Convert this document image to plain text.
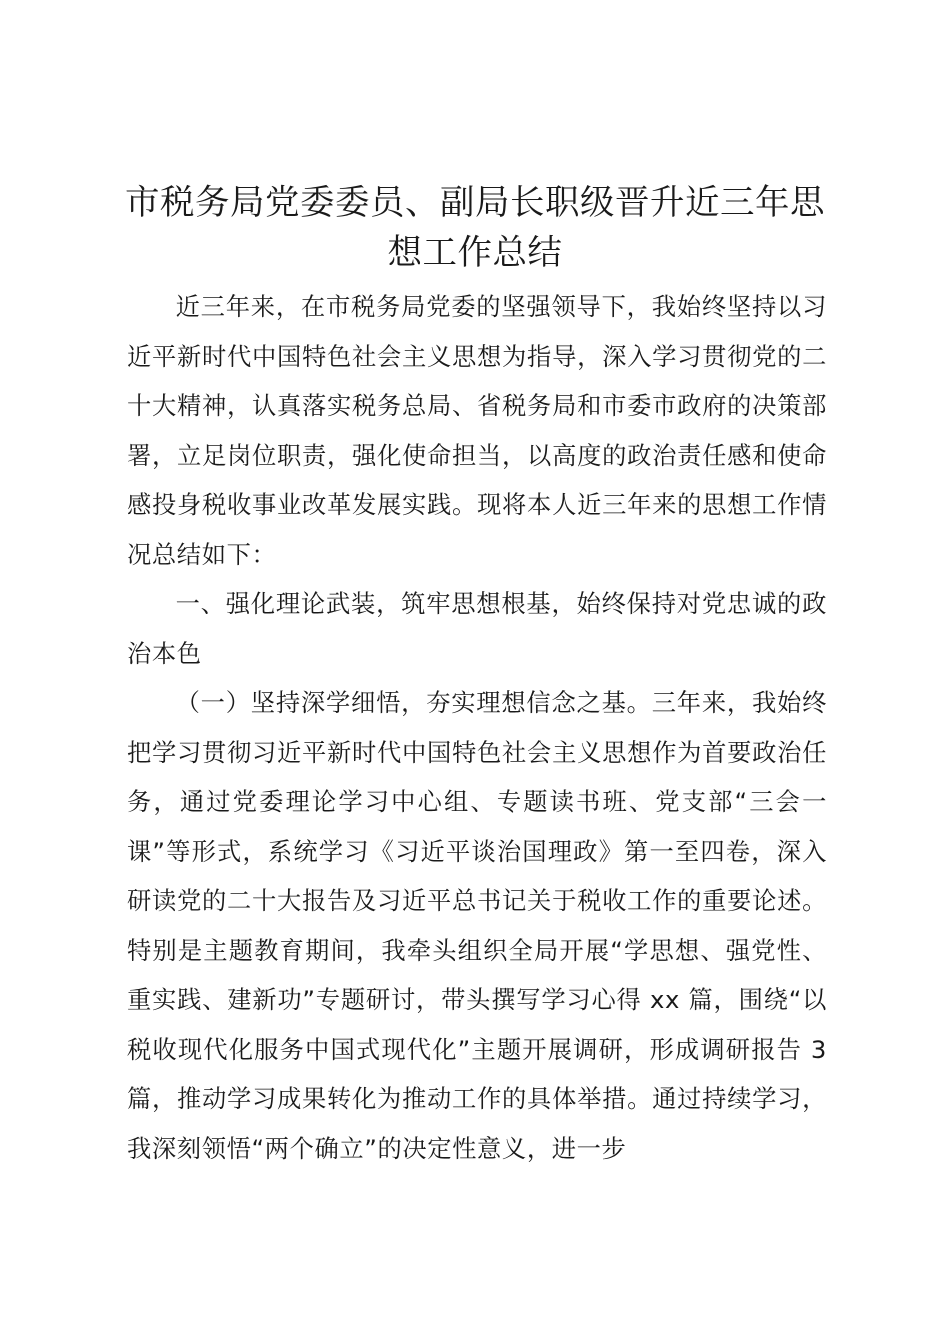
市税务局党委委员、副局长职级晋升近三年思想工作总结

近三年来，在市税务局党委的坚强领导下，我始终坚持以习近平新时代中国特色社会主义思想为指导，深入学习贯彻党的二十大精神，认真落实税务总局、省税务局和市委市政府的决策部署，立足岗位职责，强化使命担当，以高度的政治责任感和使命感投身税收事业改革发展实践。现将本人近三年来的思想工作情况总结如下：

一、强化理论武装，筑牢思想根基，始终保持对党忠诚的政治本色

（一）坚持深学细悟，夯实理想信念之基。三年来，我始终把学习贯彻习近平新时代中国特色社会主义思想作为首要政治任务，通过党委理论学习中心组、专题读书班、党支部“三会一课”等形式，系统学习《习近平谈治国理政》第一至四卷，深入研读党的二十大报告及习近平总书记关于税收工作的重要论述。特别是主题教育期间，我牵头组织全局开展“学思想、强党性、重实践、建新功”专题研讨，带头撰写学习心得 xx 篇，围绕“以税收现代化服务中国式现代化”主题开展调研，形成调研报告 3 篇，推动学习成果转化为推动工作的具体举措。通过持续学习，我深刻领悟“两个确立”的决定性意义，进一步
